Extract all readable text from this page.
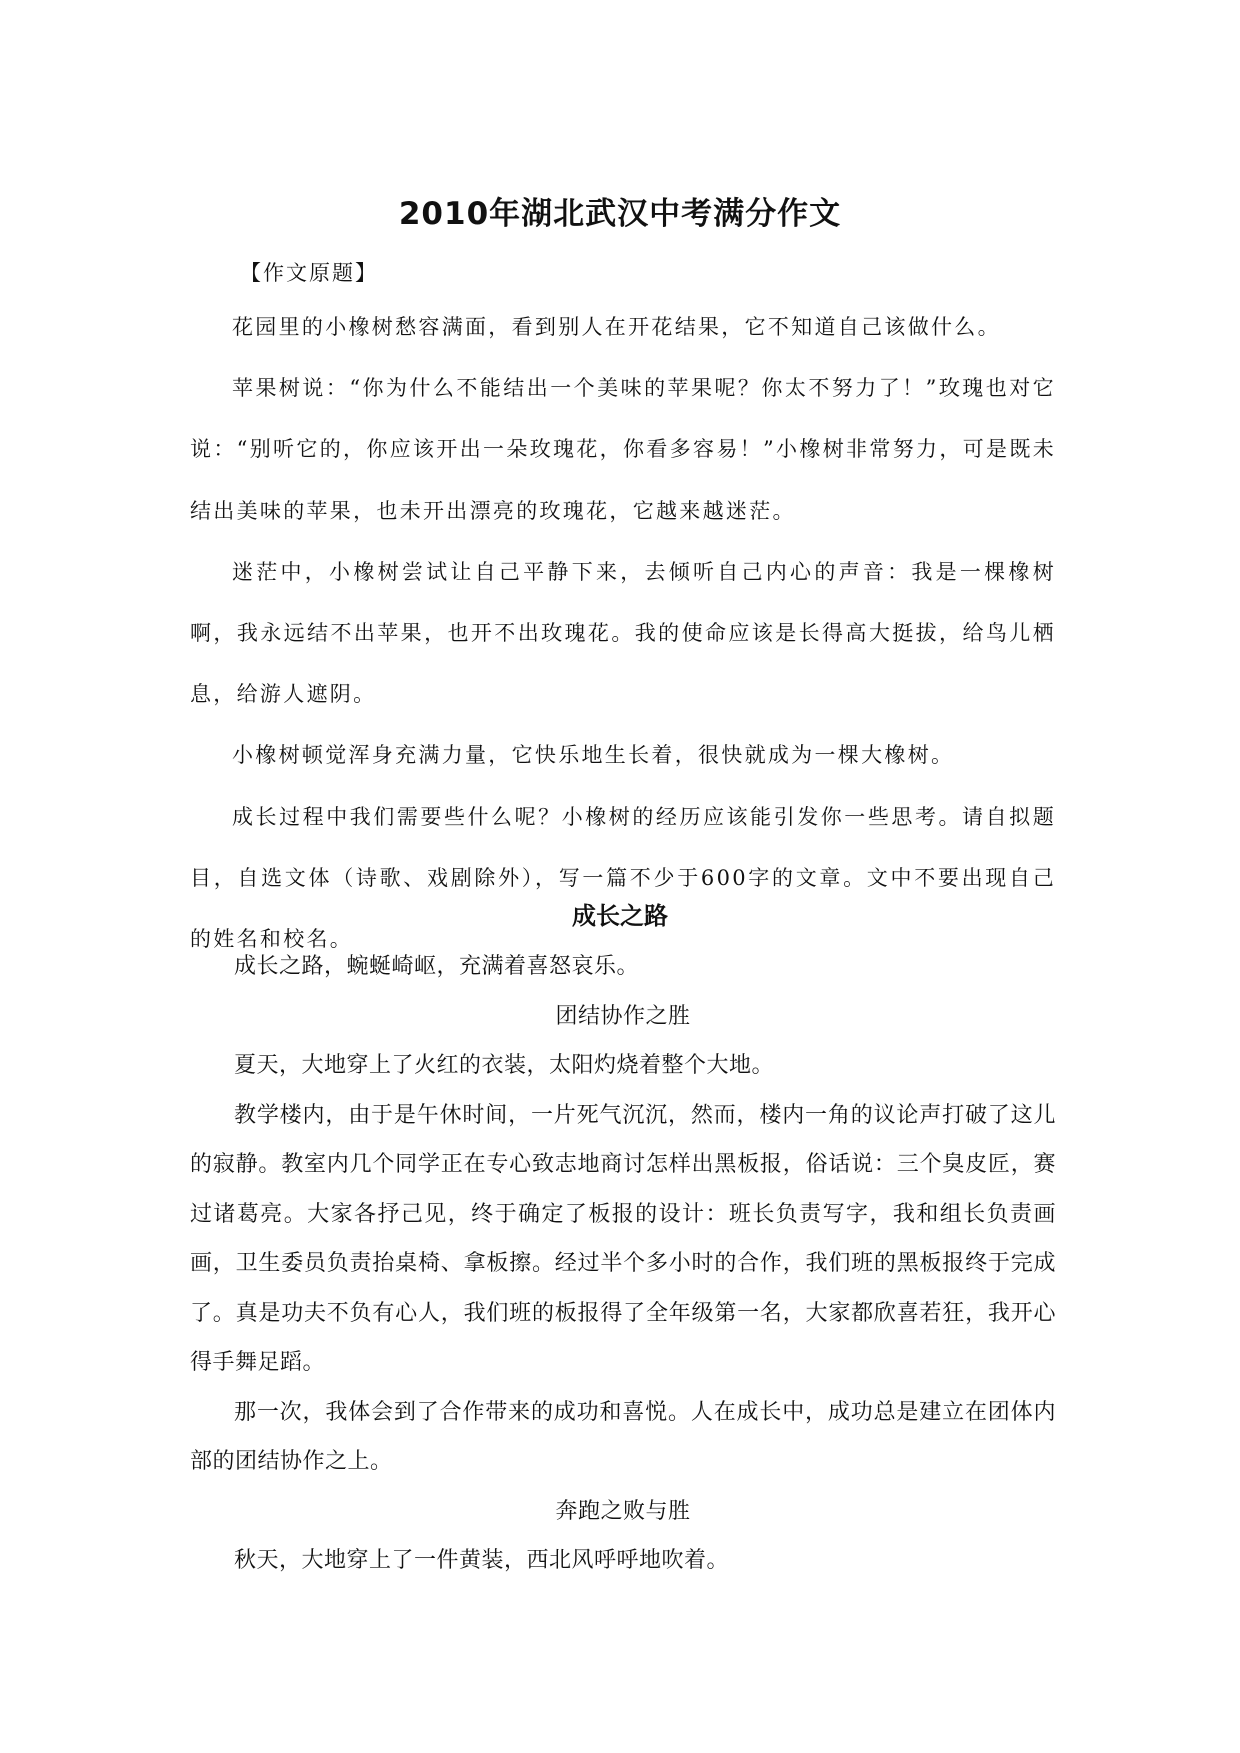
2010年湖北武汉中考满分作文
【作文原题】

花园里的小橡树愁容满面，看到别人在开花结果，它不知道自己该做什么。

苹果树说：“你为什么不能结出一个美味的苹果呢？你太不努力了！”玫瑰也对它说：“别听它的，你应该开出一朵玫瑰花，你看多容易！”小橡树非常努力，可是既未结出美味的苹果，也未开出漂亮的玫瑰花，它越来越迷茫。

迷茫中，小橡树尝试让自己平静下来，去倾听自己内心的声音：我是一棵橡树啊，我永远结不出苹果，也开不出玫瑰花。我的使命应该是长得高大挺拔，给鸟儿栖息，给游人遮阴。

小橡树顿觉浑身充满力量，它快乐地生长着，很快就成为一棵大橡树。

成长过程中我们需要些什么呢？小橡树的经历应该能引发你一些思考。请自拟题目，自选文体（诗歌、戏剧除外），写一篇不少于600字的文章。文中不要出现自己的姓名和校名。

成长之路

成长之路，蜿蜒崎岖，充满着喜怒哀乐。

团结协作之胜

夏天，大地穿上了火红的衣装，太阳灼烧着整个大地。

教学楼内，由于是午休时间，一片死气沉沉，然而，楼内一角的议论声打破了这儿的寂静。教室内几个同学正在专心致志地商讨怎样出黑板报，俗话说：三个臭皮匠，赛过诸葛亮。大家各抒己见，终于确定了板报的设计：班长负责写字，我和组长负责画画，卫生委员负责抬桌椅、拿板擦。经过半个多小时的合作，我们班的黑板报终于完成了。真是功夫不负有心人，我们班的板报得了全年级第一名，大家都欣喜若狂，我开心得手舞足蹈。

那一次，我体会到了合作带来的成功和喜悦。人在成长中，成功总是建立在团体内部的团结协作之上。

奔跑之败与胜

秋天，大地穿上了一件黄装，西北风呼呼地吹着。
